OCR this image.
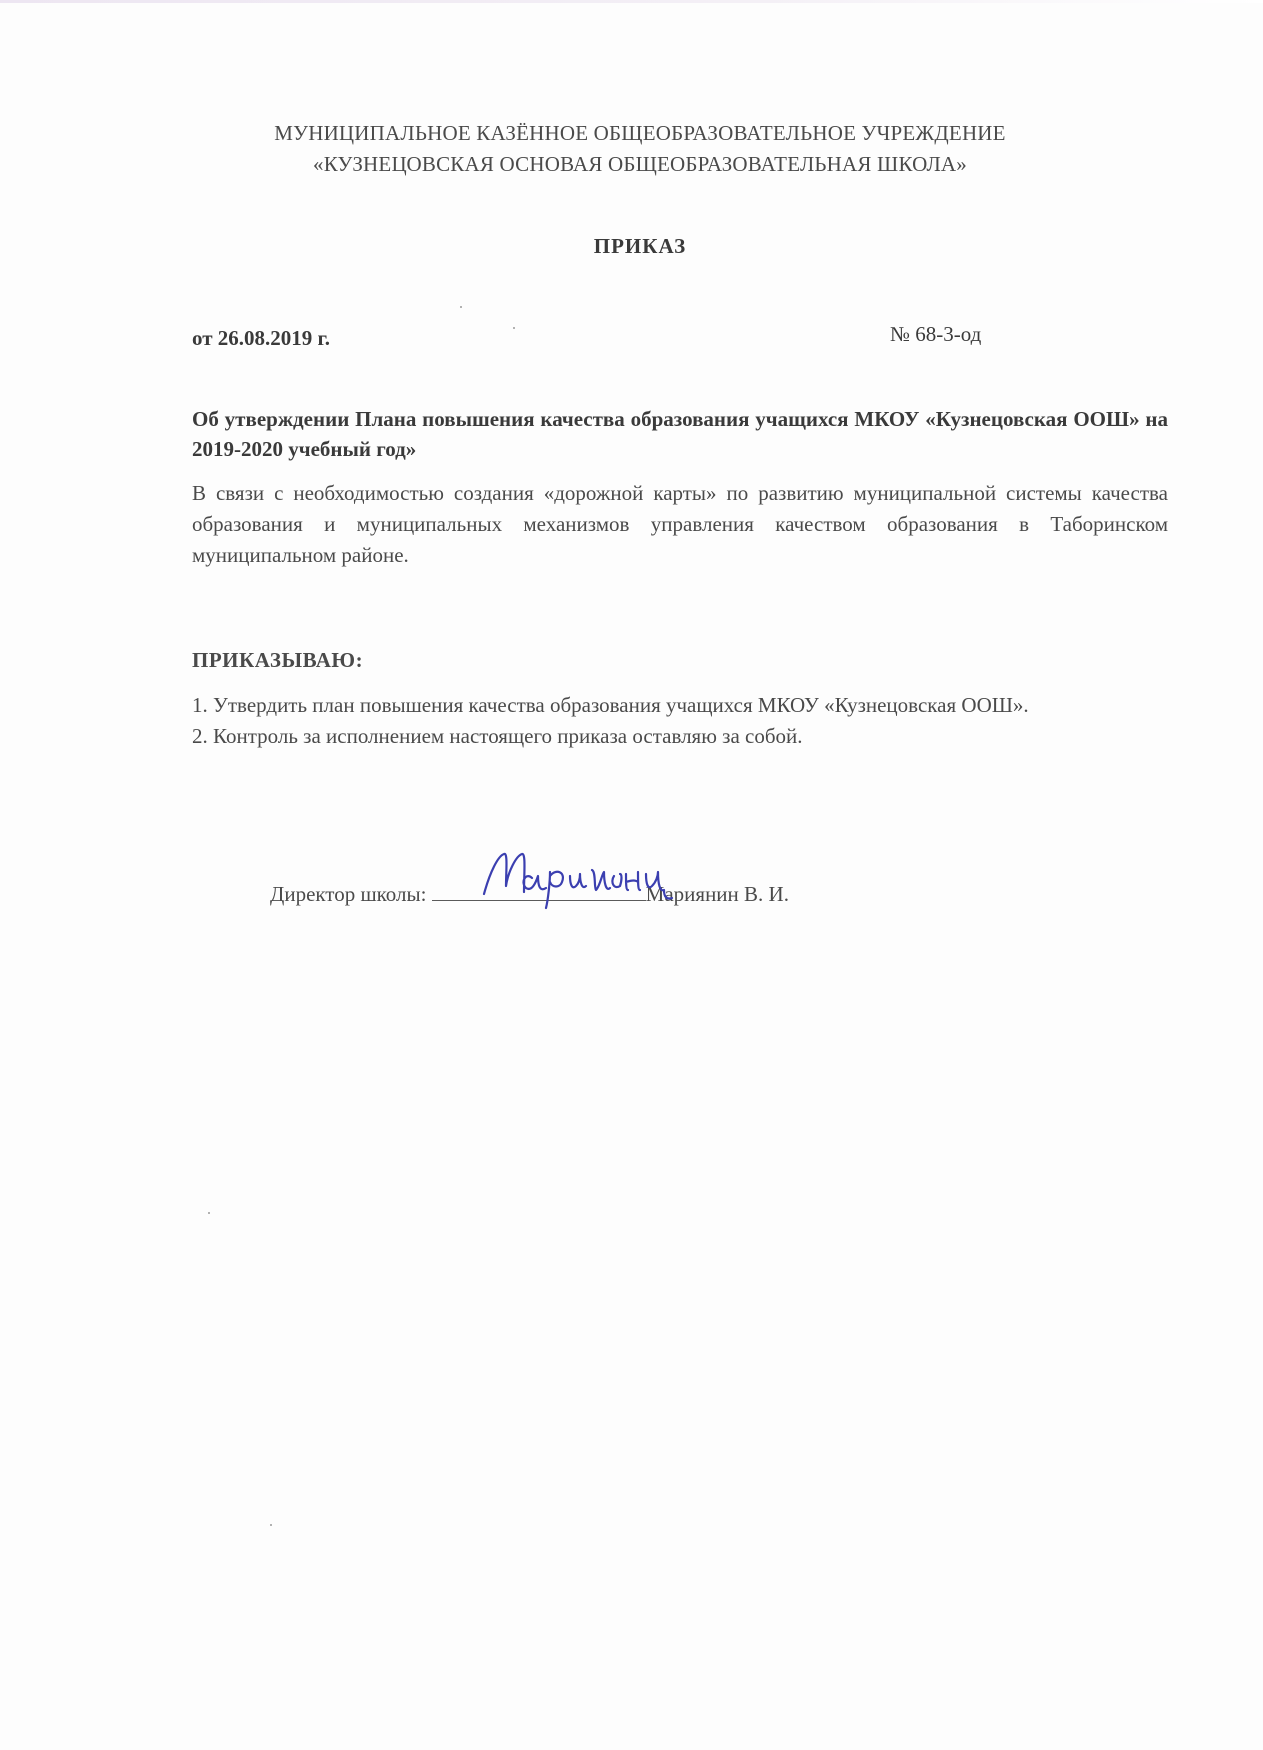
МУНИЦИПАЛЬНОЕ КАЗЁННОЕ ОБЩЕОБРАЗОВАТЕЛЬНОЕ УЧРЕЖДЕНИЕ
«КУЗНЕЦОВСКАЯ ОСНОВАЯ ОБЩЕОБРАЗОВАТЕЛЬНАЯ ШКОЛА»
ПРИКАЗ
от 26.08.2019 г.	№ 68-3-од
Об утверждении Плана повышения качества образования учащихся МКОУ «Кузнецовская ООШ» на 2019-2020 учебный год»
В связи с необходимостью создания «дорожной карты» по развитию муниципальной системы качества образования и муниципальных механизмов управления качеством образования в Таборинском муниципальном районе.
ПРИКАЗЫВАЮ:

1. Утвердить план повышения качества образования учащихся МКОУ «Кузнецовская ООШ».

2. Контроль за исполнением настоящего приказа оставляю за собой.

Директор школы:	Мариянин В. И.
